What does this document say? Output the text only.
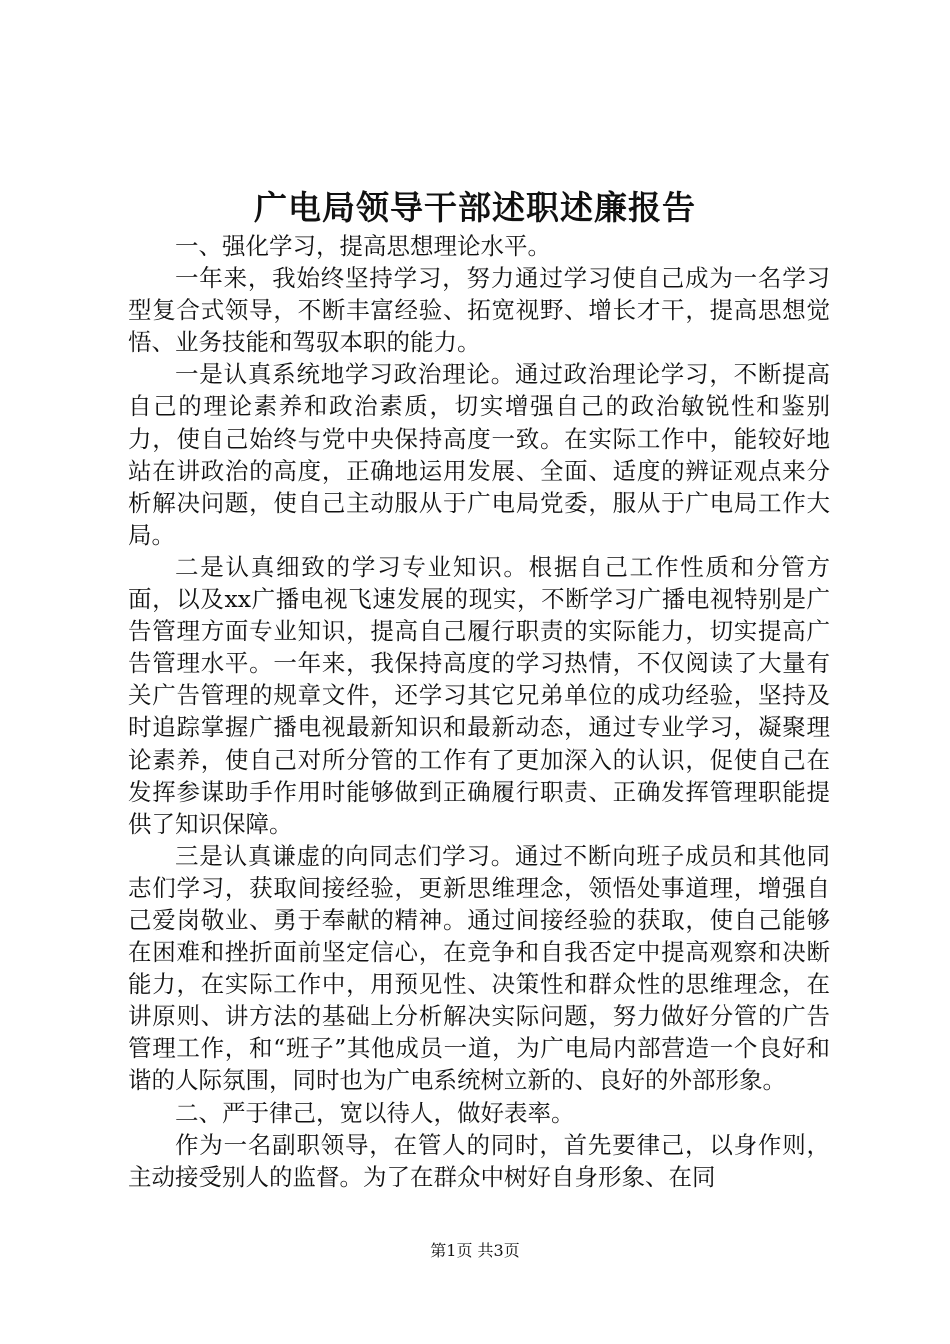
广电局领导干部述职述廉报告

一、强化学习，提高思想理论水平。

一年来，我始终坚持学习，努力通过学习使自己成为一名学习型复合式领导，不断丰富经验、拓宽视野、增长才干，提高思想觉悟、业务技能和驾驭本职的能力。

一是认真系统地学习政治理论。通过政治理论学习，不断提高自己的理论素养和政治素质，切实增强自己的政治敏锐性和鉴别力，使自己始终与党中央保持高度一致。在实际工作中，能较好地站在讲政治的高度，正确地运用发展、全面、适度的辨证观点来分析解决问题，使自己主动服从于广电局党委，服从于广电局工作大局。

二是认真细致的学习专业知识。根据自己工作性质和分管方面，以及xx广播电视飞速发展的现实，不断学习广播电视特别是广告管理方面专业知识，提高自己履行职责的实际能力，切实提高广告管理水平。一年来，我保持高度的学习热情，不仅阅读了大量有关广告管理的规章文件，还学习其它兄弟单位的成功经验，坚持及时追踪掌握广播电视最新知识和最新动态，通过专业学习，凝聚理论素养，使自己对所分管的工作有了更加深入的认识，促使自己在发挥参谋助手作用时能够做到正确履行职责、正确发挥管理职能提供了知识保障。

三是认真谦虚的向同志们学习。通过不断向班子成员和其他同志们学习，获取间接经验，更新思维理念，领悟处事道理，增强自己爱岗敬业、勇于奉献的精神。通过间接经验的获取，使自己能够在困难和挫折面前坚定信心，在竞争和自我否定中提高观察和决断能力，在实际工作中，用预见性、决策性和群众性的思维理念，在讲原则、讲方法的基础上分析解决实际问题，努力做好分管的广告管理工作，和“班子”其他成员一道，为广电局内部营造一个良好和谐的人际氛围，同时也为广电系统树立新的、良好的外部形象。

二、严于律己，宽以待人，做好表率。

作为一名副职领导，在管人的同时，首先要律己，以身作则，主动接受别人的监督。为了在群众中树好自身形象、在同

第1页 共3页
